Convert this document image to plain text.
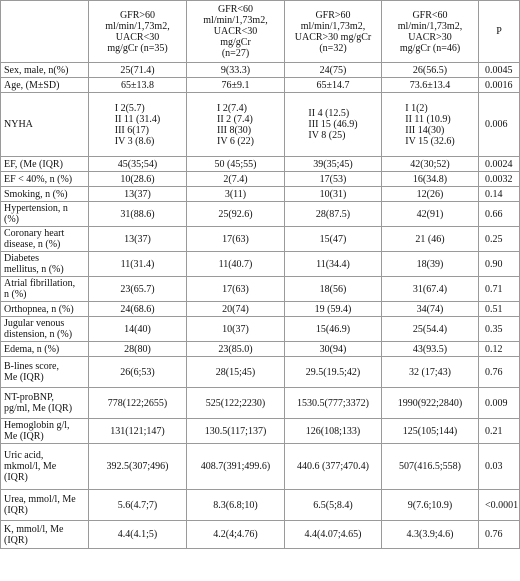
	GFR>60
ml/min/1,73m2,
UACR<30
mg/gCr (n=35)	GFR<60
ml/min/1,73m2,
UACR<30
mg/gCr
(n=27)	GFR>60
ml/min/1,73m2,
UACR>30 mg/gCr
(n=32)	GFR<60
ml/min/1,73m2,
UACR>30
mg/gCr (n=46)	P
Sex, male, n(%)	25(71.4)	9(33.3)	24(75)	26(56.5)	0.0045
Age, (M±SD)	65±13.8	76±9.1	65±14.7	73.6±13.4	0.0016
NYHA	I 2(5.7)
II 11 (31.4)
III 6(17)
IV 3 (8.6)	I 2(7.4)
II 2 (7.4)
III 8(30)
IV 6 (22)	II 4 (12.5)
III 15 (46.9)
IV 8 (25)	I 1(2)
II 11 (10.9)
III 14(30)
IV 15 (32.6)	0.006
EF, (Me (IQR)	45(35;54)	50 (45;55)	39(35;45)	42(30;52)	0.0024
EF < 40%, n (%)	10(28.6)	2(7.4)	17(53)	16(34.8)	0.0032
Smoking, n (%)	13(37)	3(11)	10(31)	12(26)	0.14
Hypertension, n
(%)	31(88.6)	25(92.6)	28(87.5)	42(91)	0.66
Coronary heart
disease, n (%)	13(37)	17(63)	15(47)	21 (46)	0.25
Diabetes
mellitus, n (%)	11(31.4)	11(40.7)	11(34.4)	18(39)	0.90
Atrial fibrillation,
n (%)	23(65.7)	17(63)	18(56)	31(67.4)	0.71
Orthopnea, n (%)	24(68.6)	20(74)	19 (59.4)	34(74)	0.51
Jugular venous
distension, n (%)	14(40)	10(37)	15(46.9)	25(54.4)	0.35
Edema, n (%)	28(80)	23(85.0)	30(94)	43(93.5)	0.12
B-lines score,
Me (IQR)	26(6;53)	28(15;45)	29.5(19.5;42)	32 (17;43)	0.76
NT-proBNP,
pg/ml, Me (IQR)	778(122;2655)	525(122;2230)	1530.5(777;3372)	1990(922;2840)	0.009
Hemoglobin g/l,
Me (IQR)	131(121;147)	130.5(117;137)	126(108;133)	125(105;144)	0.21
Uric acid,
mkmol/l, Me
(IQR)	392.5(307;496)	408.7(391;499.6)	440.6 (377;470.4)	507(416.5;558)	0.03
Urea, mmol/l, Me
(IQR)	5.6(4.7;7)	8.3(6.8;10)	6.5(5;8.4)	9(7.6;10.9)	<0.0001
K, mmol/l, Me
(IQR)	4.4(4.1;5)	4.2(4;4.76)	4.4(4.07;4.65)	4.3(3.9;4.6)	0.76
